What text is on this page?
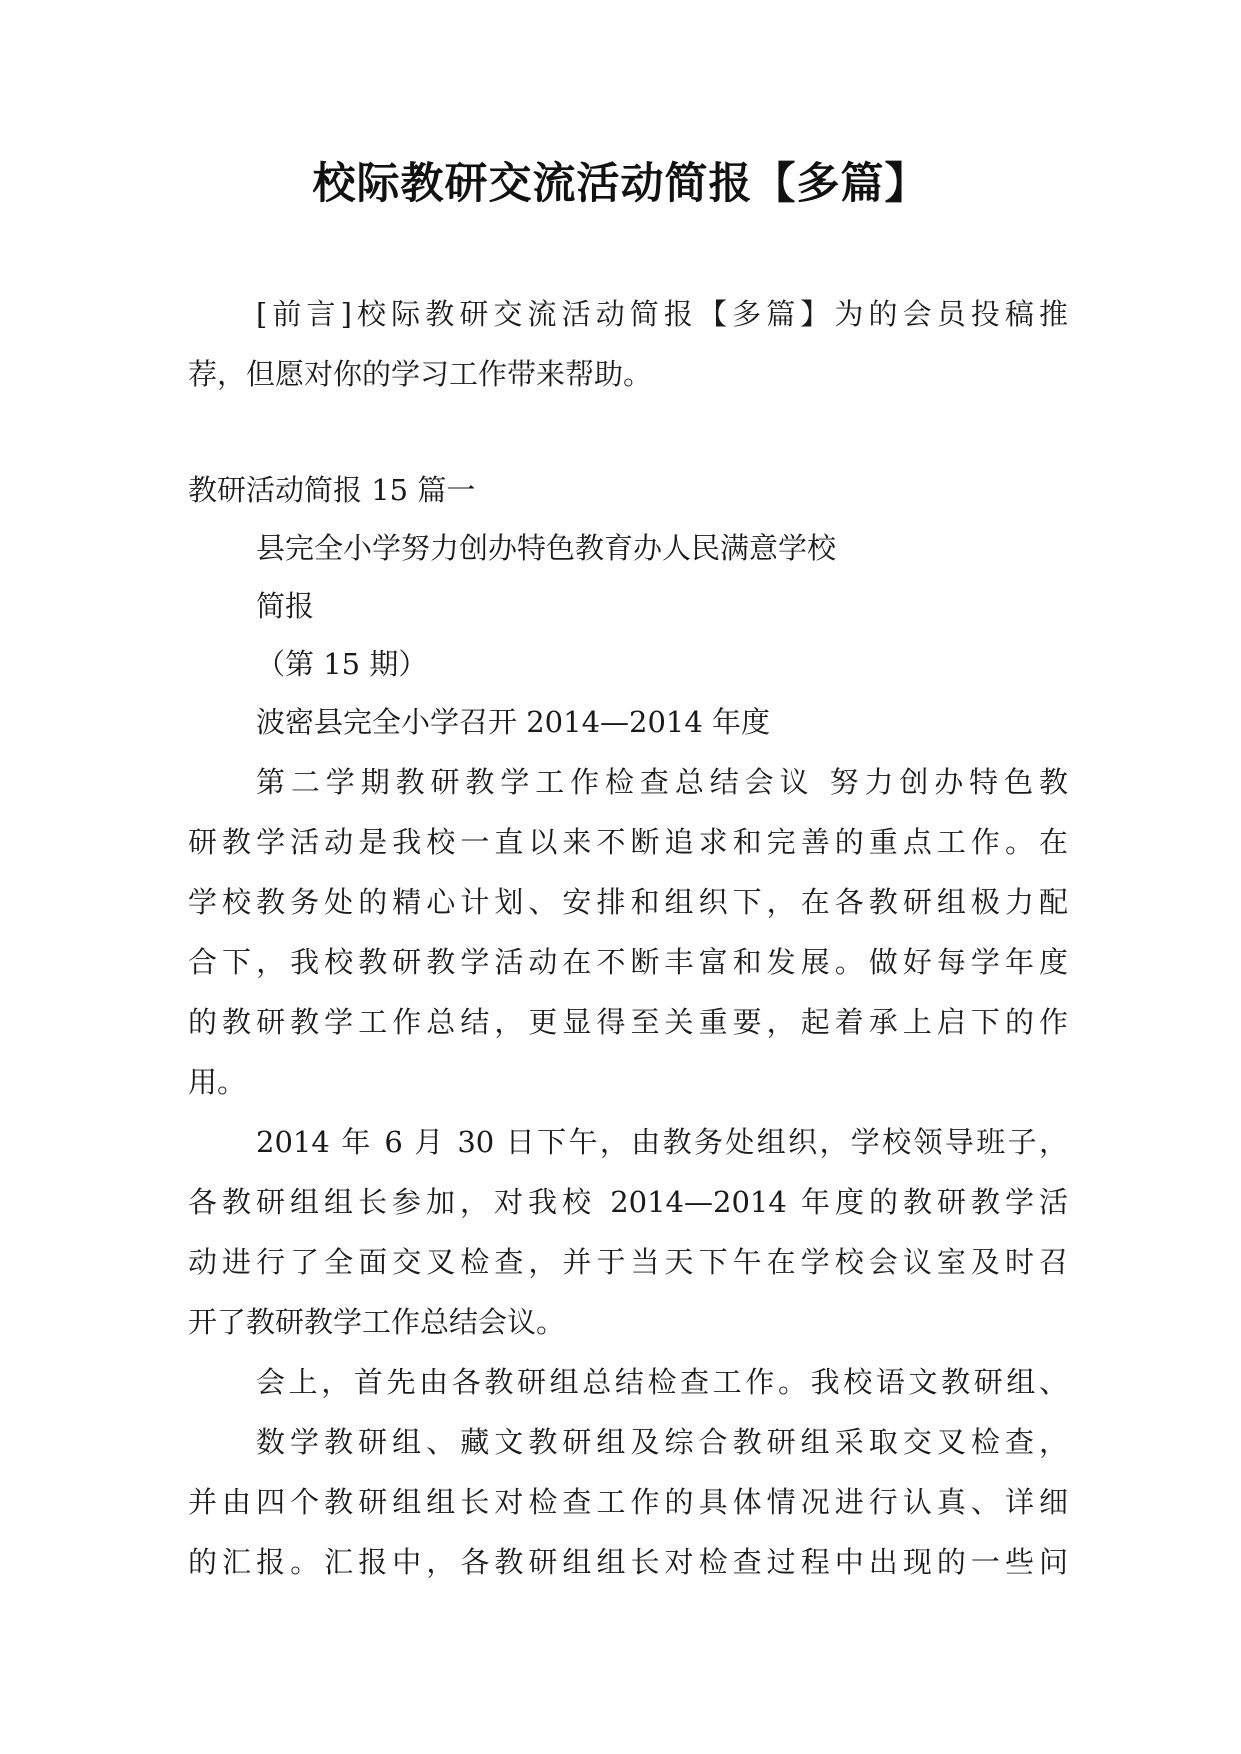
校际教研交流活动简报【多篇】
[前言]校际教研交流活动简报【多篇】为的会员投稿推
荐，但愿对你的学习工作带来帮助。
教研活动简报 15 篇一
县完全小学努力创办特色教育办人民满意学校
简报
（第 15 期）
波密县完全小学召开 2014—2014 年度
第二学期教研教学工作检查总结会议 努力创办特色教
研教学活动是我校一直以来不断追求和完善的重点工作。在
学校教务处的精心计划、安排和组织下，在各教研组极力配
合下，我校教研教学活动在不断丰富和发展。做好每学年度
的教研教学工作总结，更显得至关重要，起着承上启下的作
用。
2014 年 6 月 30 日下午，由教务处组织，学校领导班子，
各教研组组长参加，对我校 2014—2014 年度的教研教学活
动进行了全面交叉检查，并于当天下午在学校会议室及时召
开了教研教学工作总结会议。
会上，首先由各教研组总结检查工作。我校语文教研组、
数学教研组、藏文教研组及综合教研组采取交叉检查，
并由四个教研组组长对检查工作的具体情况进行认真、详细
的汇报。汇报中，各教研组组长对检查过程中出现的一些问
